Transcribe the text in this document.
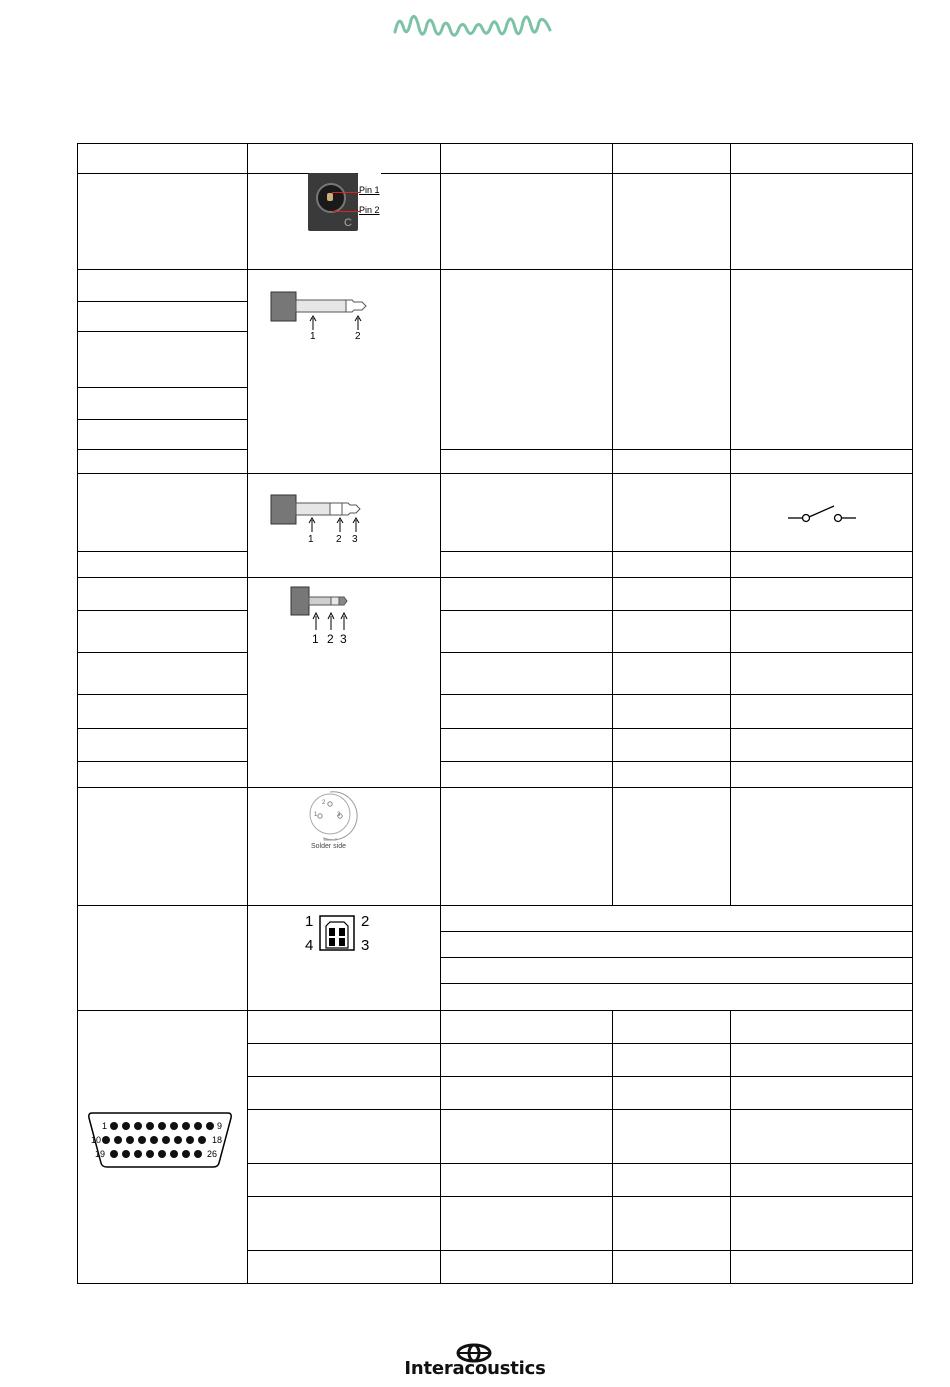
C
Pin 1
Pin 2
1	2
1 2 3
1 2 3
2
1	3
Solder side
1	2
4	3
1	9
10	18
19	26
Interacoustics
